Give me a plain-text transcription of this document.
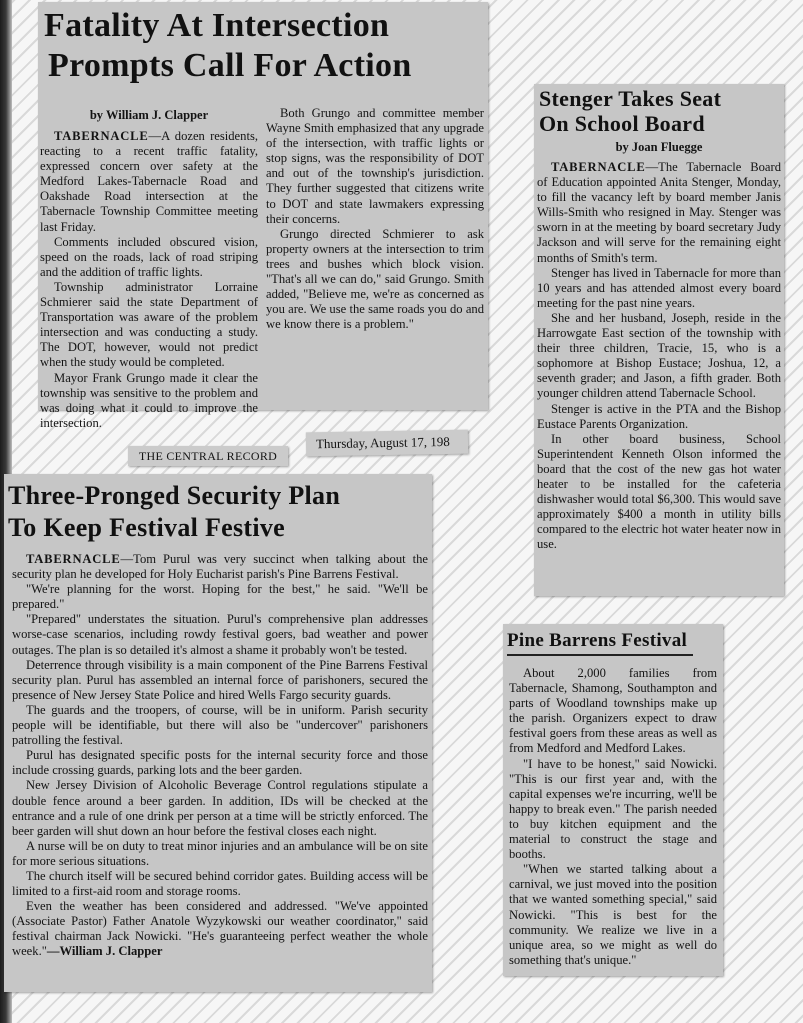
Fatality At Intersection

Prompts Call For Action

by William J. Clapper

TABERNACLE—A dozen residents, reacting to a recent traffic fatality, expressed concern over safety at the Medford Lakes-Tabernacle Road and Oakshade Road intersection at the Tabernacle Township Committee meeting last Friday.

Comments included obscured vision, speed on the roads, lack of road striping and the addition of traffic lights.

Township administrator Lorraine Schmierer said the state Department of Transportation was aware of the problem intersection and was conducting a study. The DOT, however, would not predict when the study would be completed.

Mayor Frank Grungo made it clear the township was sensitive to the problem and was doing what it could to improve the intersection.

Both Grungo and committee member Wayne Smith emphasized that any upgrade of the intersection, with traffic lights or stop signs, was the responsibility of DOT and out of the township's jurisdiction. They further suggested that citizens write to DOT and state lawmakers expressing their concerns.

Grungo directed Schmierer to ask property owners at the intersection to trim trees and bushes which block vision. "That's all we can do," said Grungo. Smith added, "Believe me, we're as concerned as you are. We use the same roads you do and we know there is a problem."

Stenger Takes Seat

On School Board

by Joan Fluegge

TABERNACLE—The Tabernacle Board of Education appointed Anita Stenger, Monday, to fill the vacancy left by board member Janis Wills-Smith who resigned in May. Stenger was sworn in at the meeting by board secretary Judy Jackson and will serve for the remaining eight months of Smith's term.

Stenger has lived in Tabernacle for more than 10 years and has attended almost every board meeting for the past nine years.

She and her husband, Joseph, reside in the Harrowgate East section of the township with their three children, Tracie, 15, who is a sophomore at Bishop Eustace; Joshua, 12, a seventh grader; and Jason, a fifth grader. Both younger children attend Tabernacle School.

Stenger is active in the PTA and the Bishop Eustace Parents Organization.

In other board business, School Superintendent Kenneth Olson informed the board that the cost of the new gas hot water heater to be installed for the cafeteria dishwasher would total $6,300. This would save approximately $400 a month in utility bills compared to the electric hot water heater now in use.

THE CENTRAL RECORD

Thursday, August 17, 198

Three-Pronged Security Plan

To Keep Festival Festive

TABERNACLE—Tom Purul was very succinct when talking about the security plan he developed for Holy Eucharist parish's Pine Barrens Festival.

"We're planning for the worst. Hoping for the best," he said. "We'll be prepared."

"Prepared" understates the situation. Purul's comprehensive plan addresses worse-case scenarios, including rowdy festival goers, bad weather and power outages. The plan is so detailed it's almost a shame it probably won't be tested.

Deterrence through visibility is a main component of the Pine Barrens Festival security plan. Purul has assembled an internal force of parishoners, secured the presence of New Jersey State Police and hired Wells Fargo security guards.

The guards and the troopers, of course, will be in uniform. Parish security people will be identifiable, but there will also be "undercover" parishoners patrolling the festival.

Purul has designated specific posts for the internal security force and those include crossing guards, parking lots and the beer garden.

New Jersey Division of Alcoholic Beverage Control regulations stipulate a double fence around a beer garden. In addition, IDs will be checked at the entrance and a rule of one drink per person at a time will be strictly enforced. The beer garden will shut down an hour before the festival closes each night.

A nurse will be on duty to treat minor injuries and an ambulance will be on site for more serious situations.

The church itself will be secured behind corridor gates. Building access will be limited to a first-aid room and storage rooms.

Even the weather has been considered and addressed. "We've appointed (Associate Pastor) Father Anatole Wyzykowski our weather coordinator," said festival chairman Jack Nowicki. "He's guaranteeing perfect weather the whole week."—William J. Clapper

Pine Barrens Festival

About 2,000 families from Tabernacle, Shamong, Southampton and parts of Woodland townships make up the parish. Organizers expect to draw festival goers from these areas as well as from Medford and Medford Lakes.

"I have to be honest," said Nowicki. "This is our first year and, with the capital expenses we're incurring, we'll be happy to break even." The parish needed to buy kitchen equipment and the material to construct the stage and booths.

"When we started talking about a carnival, we just moved into the position that we wanted something special," said Nowicki. "This is best for the community. We realize we live in a unique area, so we might as well do something that's unique."
